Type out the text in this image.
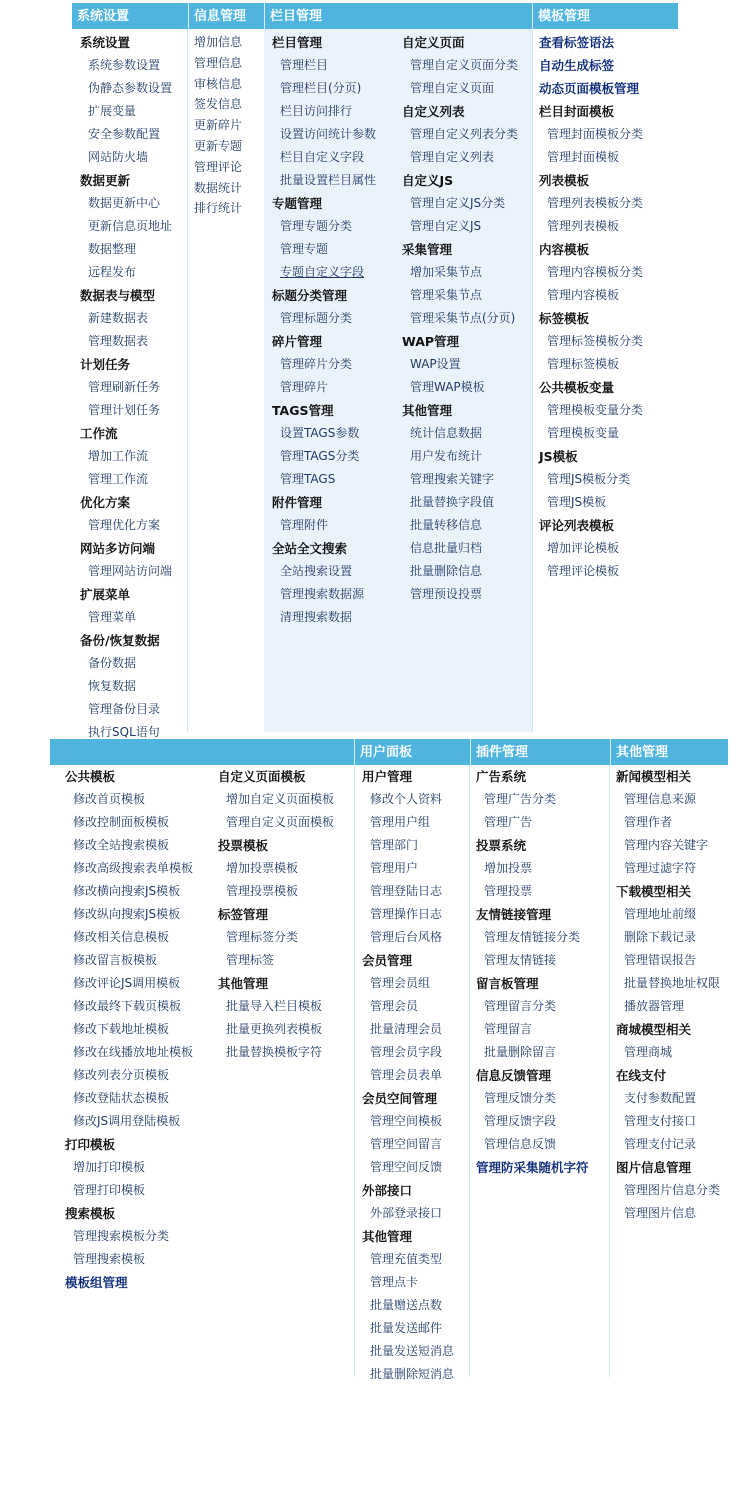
系统设置	信息管理	栏目管理	模板管理
系统设置
系统参数设置
伪静态参数设置
扩展变量
安全参数配置
网站防火墙
数据更新
数据更新中心
更新信息页地址
数据整理
远程发布
数据表与模型
新建数据表
管理数据表
计划任务
管理刷新任务
管理计划任务
工作流
增加工作流
管理工作流
优化方案
管理优化方案
网站多访问端
管理网站访问端
扩展菜单
管理菜单
备份/恢复数据
备份数据
恢复数据
管理备份目录
执行SQL语句
增加信息
管理信息
审核信息
签发信息
更新碎片
更新专题
管理评论
数据统计
排行统计
栏目管理
管理栏目
管理栏目(分页)
栏目访问排行
设置访问统计参数
栏目自定义字段
批量设置栏目属性
专题管理
管理专题分类
管理专题
专题自定义字段
标题分类管理
管理标题分类
碎片管理
管理碎片分类
管理碎片
TAGS管理
设置TAGS参数
管理TAGS分类
管理TAGS
附件管理
管理附件
全站全文搜索
全站搜索设置
管理搜索数据源
清理搜索数据
自定义页面
管理自定义页面分类
管理自定义页面
自定义列表
管理自定义列表分类
管理自定义列表
自定义JS
管理自定义JS分类
管理自定义JS
采集管理
增加采集节点
管理采集节点
管理采集节点(分页)
WAP管理
WAP设置
管理WAP模板
其他管理
统计信息数据
用户发布统计
管理搜索关键字
批量替换字段值
批量转移信息
信息批量归档
批量删除信息
管理预设投票
查看标签语法
自动生成标签
动态页面模板管理
栏目封面模板
管理封面模板分类
管理封面模板
列表模板
管理列表模板分类
管理列表模板
内容模板
管理内容模板分类
管理内容模板
标签模板
管理标签模板分类
管理标签模板
公共模板变量
管理模板变量分类
管理模板变量
JS模板
管理JS模板分类
管理JS模板
评论列表模板
增加评论模板
管理评论模板
用户面板	插件管理	其他管理
公共模板
修改首页模板
修改控制面板模板
修改全站搜索模板
修改高级搜索表单模板
修改横向搜索JS模板
修改纵向搜索JS模板
修改相关信息模板
修改留言板模板
修改评论JS调用模板
修改最终下载页模板
修改下载地址模板
修改在线播放地址模板
修改列表分页模板
修改登陆状态模板
修改JS调用登陆模板
打印模板
增加打印模板
管理打印模板
搜索模板
管理搜索模板分类
管理搜索模板
模板组管理
自定义页面模板
增加自定义页面模板
管理自定义页面模板
投票模板
增加投票模板
管理投票模板
标签管理
管理标签分类
管理标签
其他管理
批量导入栏目模板
批量更换列表模板
批量替换模板字符
用户管理
修改个人资料
管理用户组
管理部门
管理用户
管理登陆日志
管理操作日志
管理后台风格
会员管理
管理会员组
管理会员
批量清理会员
管理会员字段
管理会员表单
会员空间管理
管理空间模板
管理空间留言
管理空间反馈
外部接口
外部登录接口
其他管理
管理充值类型
管理点卡
批量赠送点数
批量发送邮件
批量发送短消息
批量删除短消息
广告系统
管理广告分类
管理广告
投票系统
增加投票
管理投票
友情链接管理
管理友情链接分类
管理友情链接
留言板管理
管理留言分类
管理留言
批量删除留言
信息反馈管理
管理反馈分类
管理反馈字段
管理信息反馈
管理防采集随机字符
新闻模型相关
管理信息来源
管理作者
管理内容关键字
管理过滤字符
下载模型相关
管理地址前缀
删除下载记录
管理错误报告
批量替换地址权限
播放器管理
商城模型相关
管理商城
在线支付
支付参数配置
管理支付接口
管理支付记录
图片信息管理
管理图片信息分类
管理图片信息
